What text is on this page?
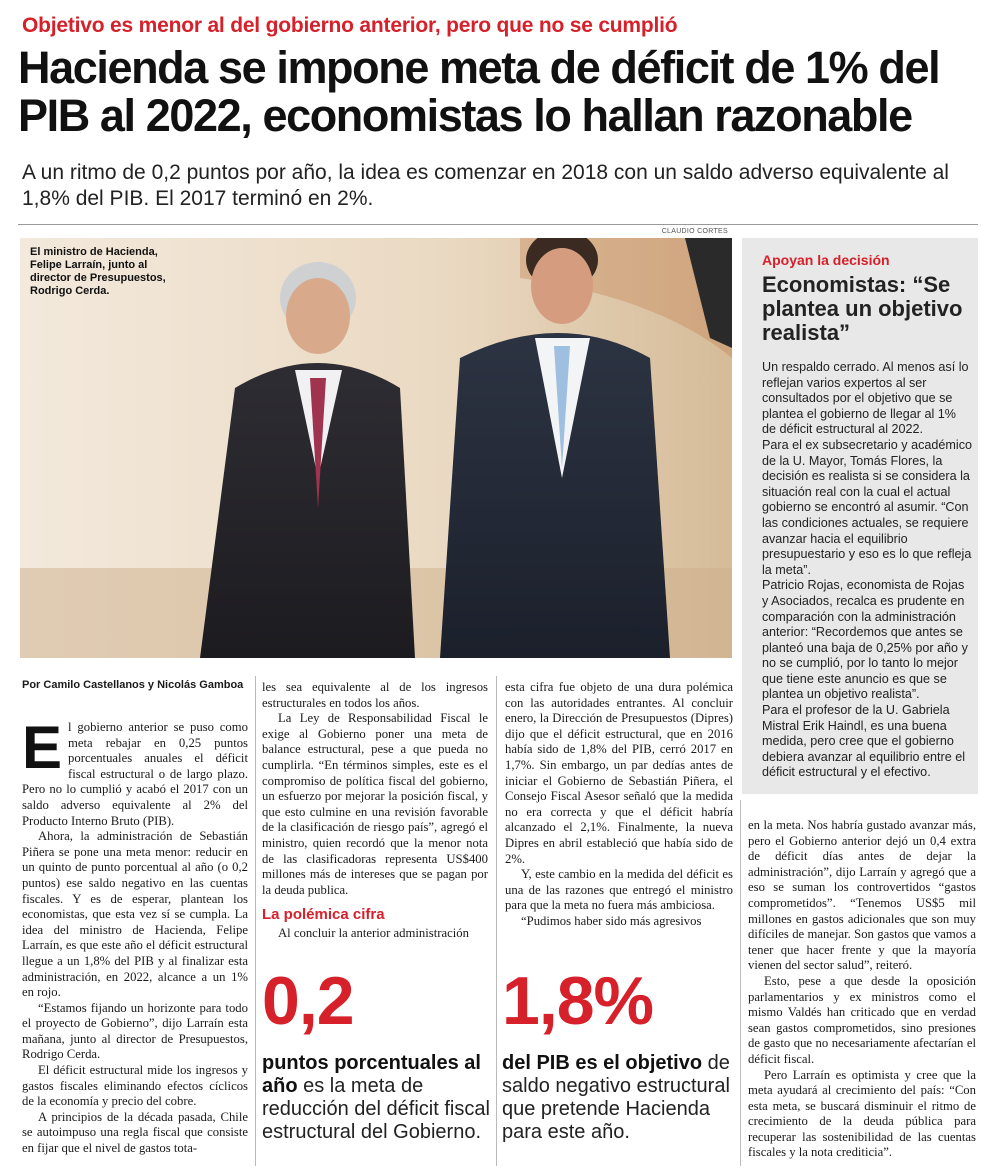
Objetivo es menor al del gobierno anterior, pero que no se cumplió
Hacienda se impone meta de déficit de 1% del PIB al 2022, economistas lo hallan razonable
A un ritmo de 0,2 puntos por año, la idea es comenzar en 2018 con un saldo adverso equivalente al 1,8% del PIB. El 2017 terminó en 2%.
CLAUDIO CORTES
El ministro de Hacienda, Felipe Larraín, junto al director de Presupuestos, Rodrigo Cerda.
Apoyan la decisión
Economistas: “Se plantea un objetivo realista”

Un respaldo cerrado. Al menos así lo reflejan varios expertos al ser consultados por el objetivo que se plantea el gobierno de llegar al 1% de déficit estructural al 2022.

Para el ex subsecretario y académico de la U. Mayor, Tomás Flores, la decisión es realista si se considera la situación real con la cual el actual gobierno se encontró al asumir. “Con las condiciones actuales, se requiere avanzar hacia el equilibrio presupuestario y eso es lo que refleja la meta”.

Patricio Rojas, economista de Rojas y Asociados, recalca es prudente en comparación con la administración anterior: “Recordemos que antes se planteó una baja de 0,25% por año y no se cumplió, por lo tanto lo mejor que tiene este anuncio es que se plantea un objetivo realista”.

Para el profesor de la U. Gabriela Mistral Erik Haindl, es una buena medida, pero cree que el gobierno debiera avanzar al equilibrio entre el déficit estructural y el efectivo.

Por Camilo Castellanos y Nicolás Gamboa
E l gobierno anterior se puso como meta rebajar en 0,25 puntos porcentuales anuales el déficit fiscal estructural o de largo plazo. Pero no lo cumplió y acabó el 2017 con un saldo adverso equivalente al 2% del Producto Interno Bruto (PIB).

Ahora, la administración de Sebastián Piñera se pone una meta menor: reducir en un quinto de punto porcentual al año (o 0,2 puntos) ese saldo negativo en las cuentas fiscales. Y es de esperar, plantean los economistas, que esta vez sí se cumpla. La idea del ministro de Hacienda, Felipe Larraín, es que este año el déficit estructural llegue a un 1,8% del PIB y al finalizar esta administración, en 2022, alcance a un 1% en rojo.

“Estamos fijando un horizonte para todo el proyecto de Gobierno”, dijo Larraín esta mañana, junto al director de Presupuestos, Rodrigo Cerda.

El déficit estructural mide los ingresos y gastos fiscales eliminando efectos cíclicos de la economía y precio del cobre.

A principios de la década pasada, Chile se autoimpuso una regla fiscal que consiste en fijar que el nivel de gastos tota-

les sea equivalente al de los ingresos estructurales en todos los años.

La Ley de Responsabilidad Fiscal le exige al Gobierno poner una meta de balance estructural, pese a que pueda no cumplirla. “En términos simples, este es el compromiso de política fiscal del gobierno, un esfuerzo por mejorar la posición fiscal, y que esto culmine en una revisión favorable de la clasificación de riesgo país”, agregó el ministro, quien recordó que la menor nota de las clasificadoras representa US$400 millones más de intereses que se pagan por la deuda publica.

La polémica cifra

Al concluir la anterior administración

esta cifra fue objeto de una dura polémica con las autoridades entrantes. Al concluir enero, la Dirección de Presupuestos (Dipres) dijo que el déficit estructural, que en 2016 había sido de 1,8% del PIB, cerró 2017 en 1,7%. Sin embargo, un par dedías antes de iniciar el Gobierno de Sebastián Piñera, el Consejo Fiscal Asesor señaló que la medida no era correcta y que el déficit habría alcanzado el 2,1%. Finalmente, la nueva Dipres en abril estableció que había sido de 2%.

Y, este cambio en la medida del déficit es una de las razones que entregó el ministro para que la meta no fuera más ambiciosa.

“Pudimos haber sido más agresivos

en la meta. Nos habría gustado avanzar más, pero el Gobierno anterior dejó un 0,4 extra de déficit días antes de dejar la administración”, dijo Larraín y agregó que a eso se suman los controvertidos “gastos comprometidos”. “Tenemos US$5 mil millones en gastos adicionales que son muy difíciles de manejar. Son gastos que vamos a tener que hacer frente y que la mayoría vienen del sector salud”, reiteró.

Esto, pese a que desde la oposición parlamentarios y ex ministros como el mismo Valdés han criticado que en verdad sean gastos comprometidos, sino presiones de gasto que no necesariamente afectarían el déficit fiscal.

Pero Larraín es optimista y cree que la meta ayudará al crecimiento del país: “Con esta meta, se buscará disminuir el ritmo de crecimiento de la deuda pública para recuperar las sostenibilidad de las cuentas fiscales y la nota crediticia”.

0,2
puntos porcentuales al año es la meta de reducción del déficit fiscal estructural del Gobierno.
1,8%
del PIB es el objetivo de saldo negativo estructural que pretende Hacienda para este año.
